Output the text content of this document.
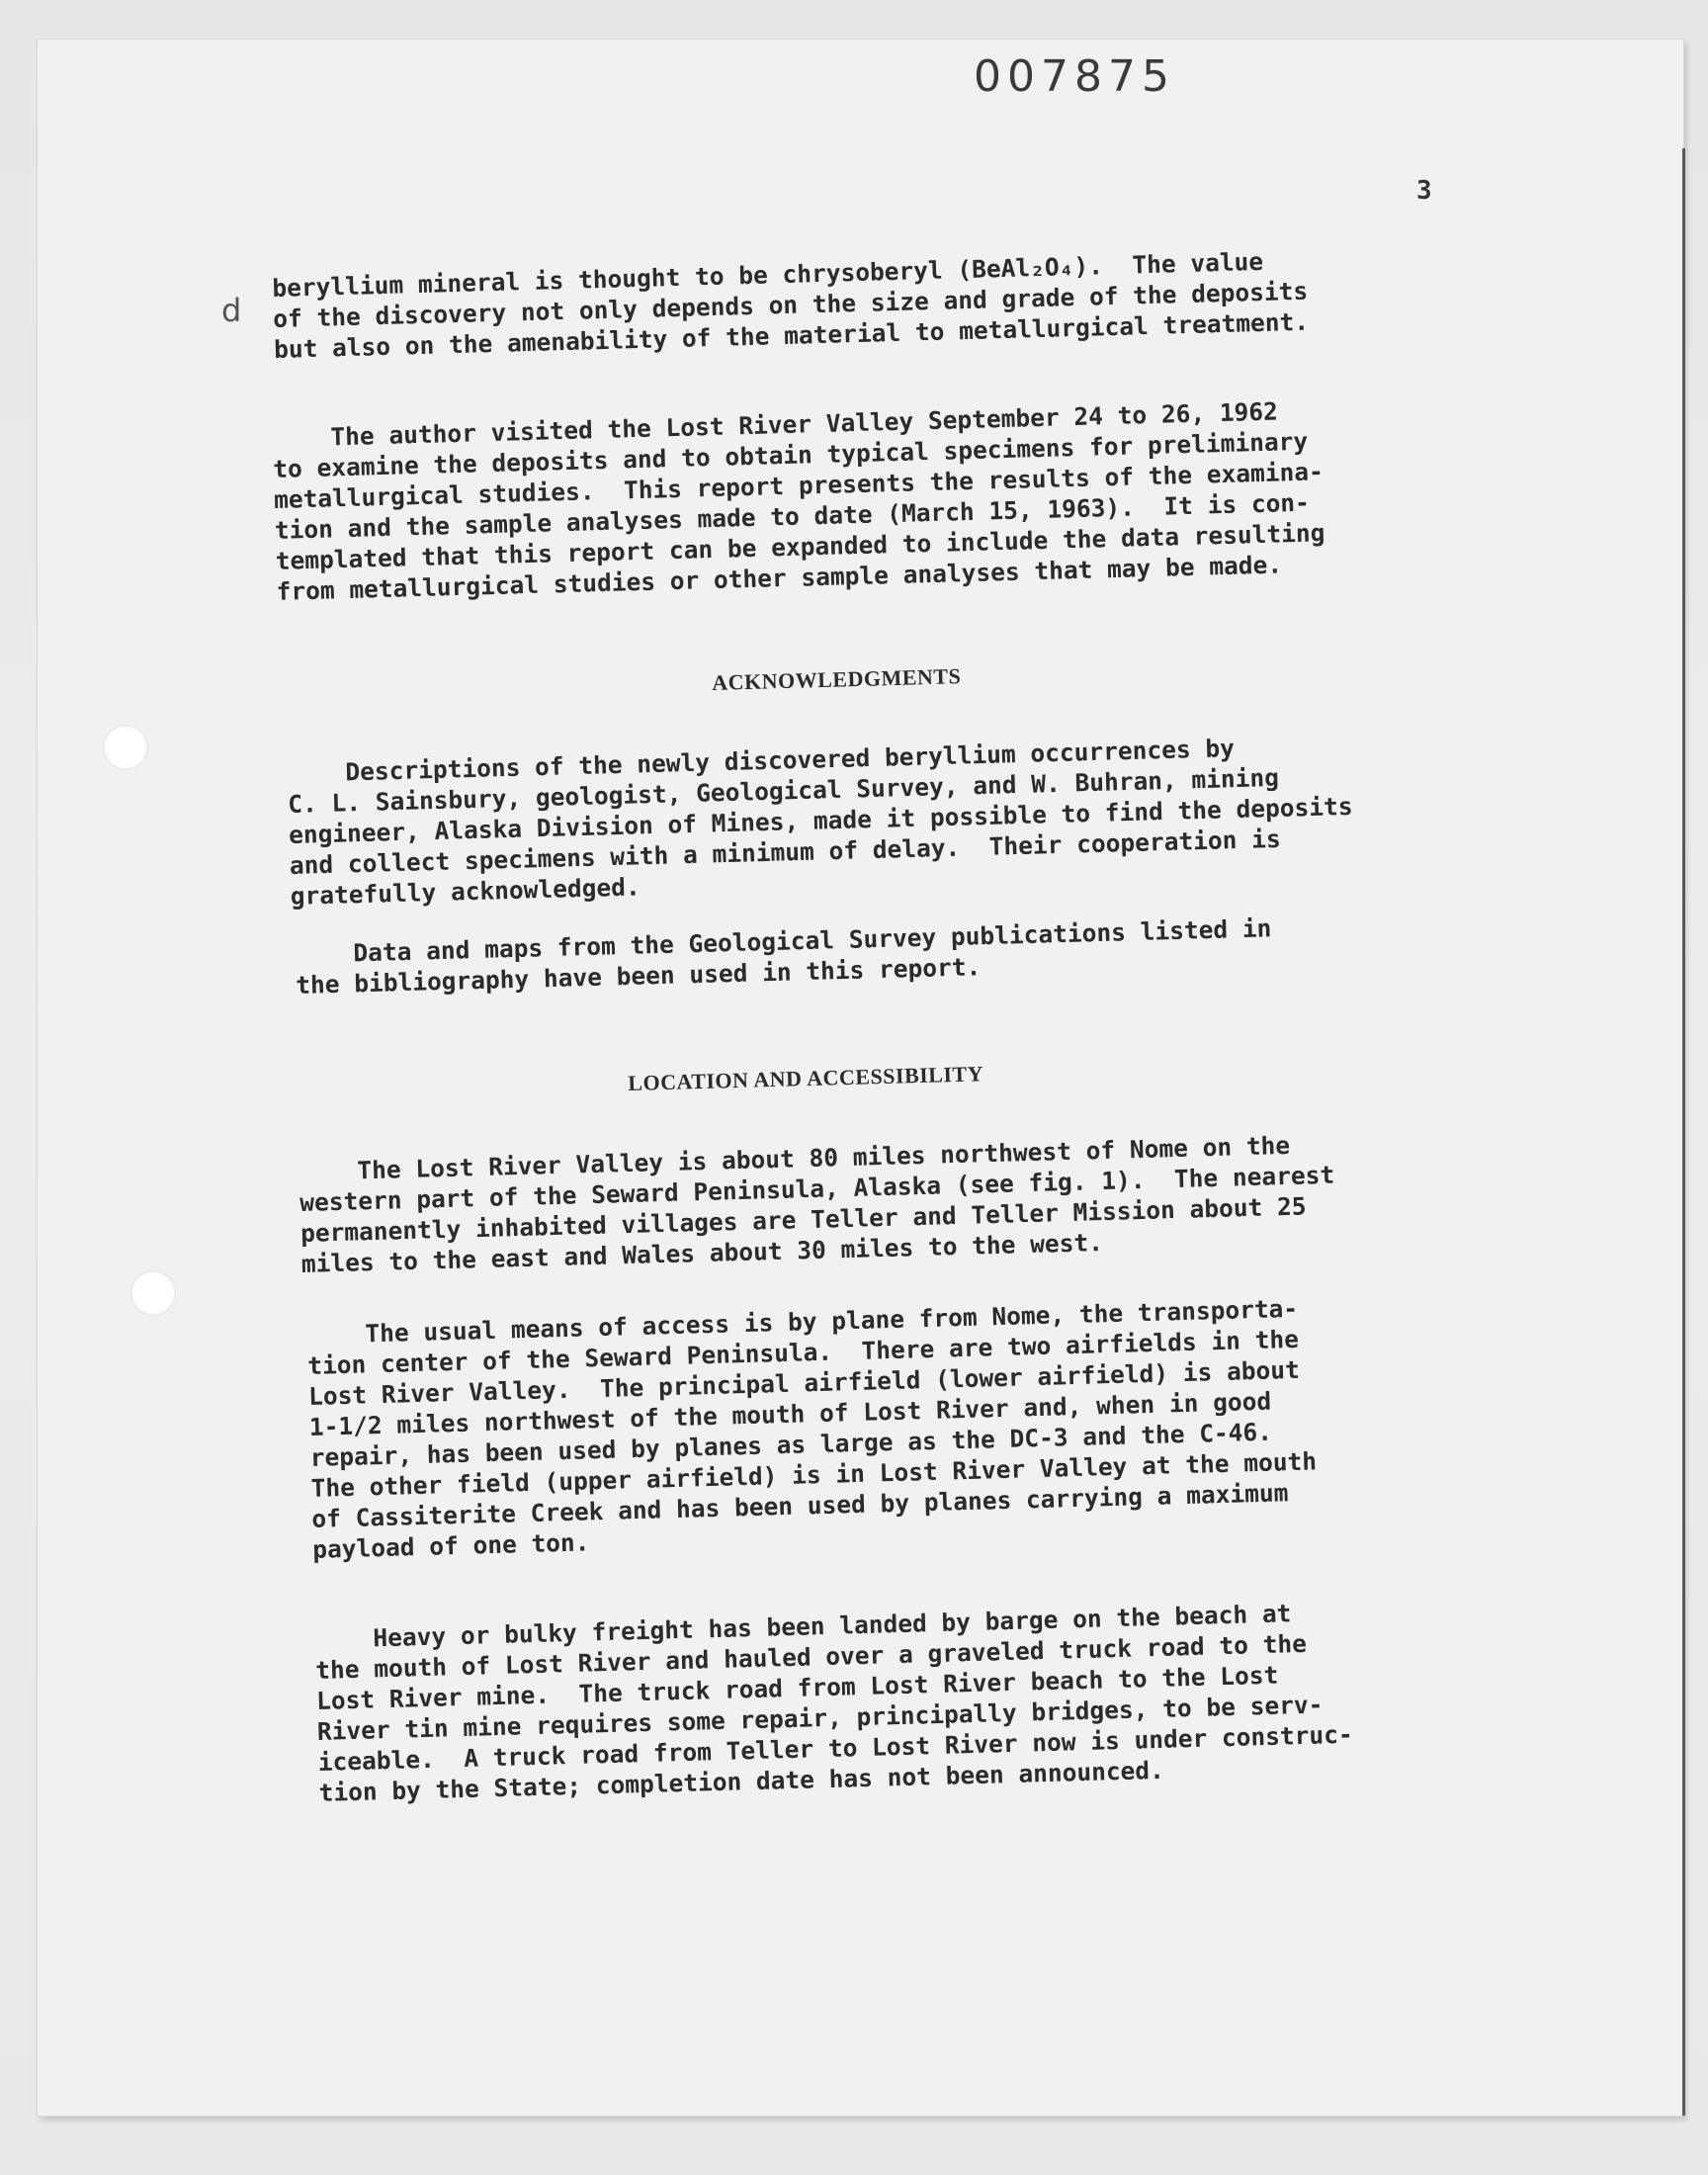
007875
3
d
beryllium mineral is thought to be chrysoberyl (BeAl₂O₄).  The value
of the discovery not only depends on the size and grade of the deposits
but also on the amenability of the material to metallurgical treatment.
The author visited the Lost River Valley September 24 to 26, 1962
to examine the deposits and to obtain typical specimens for preliminary
metallurgical studies.  This report presents the results of the examina-
tion and the sample analyses made to date (March 15, 1963).  It is con-
templated that this report can be expanded to include the data resulting
from metallurgical studies or other sample analyses that may be made.
ACKNOWLEDGMENTS
Descriptions of the newly discovered beryllium occurrences by
C. L. Sainsbury, geologist, Geological Survey, and W. Buhran, mining
engineer, Alaska Division of Mines, made it possible to find the deposits
and collect specimens with a minimum of delay.  Their cooperation is
gratefully acknowledged.
Data and maps from the Geological Survey publications listed in
the bibliography have been used in this report.
LOCATION AND ACCESSIBILITY
The Lost River Valley is about 80 miles northwest of Nome on the
western part of the Seward Peninsula, Alaska (see fig. 1).  The nearest
permanently inhabited villages are Teller and Teller Mission about 25
miles to the east and Wales about 30 miles to the west.
The usual means of access is by plane from Nome, the transporta-
tion center of the Seward Peninsula.  There are two airfields in the
Lost River Valley.  The principal airfield (lower airfield) is about
1-1/2 miles northwest of the mouth of Lost River and, when in good
repair, has been used by planes as large as the DC-3 and the C-46.
The other field (upper airfield) is in Lost River Valley at the mouth
of Cassiterite Creek and has been used by planes carrying a maximum
payload of one ton.
Heavy or bulky freight has been landed by barge on the beach at
the mouth of Lost River and hauled over a graveled truck road to the
Lost River mine.  The truck road from Lost River beach to the Lost
River tin mine requires some repair, principally bridges, to be serv-
iceable.  A truck road from Teller to Lost River now is under construc-
tion by the State; completion date has not been announced.
